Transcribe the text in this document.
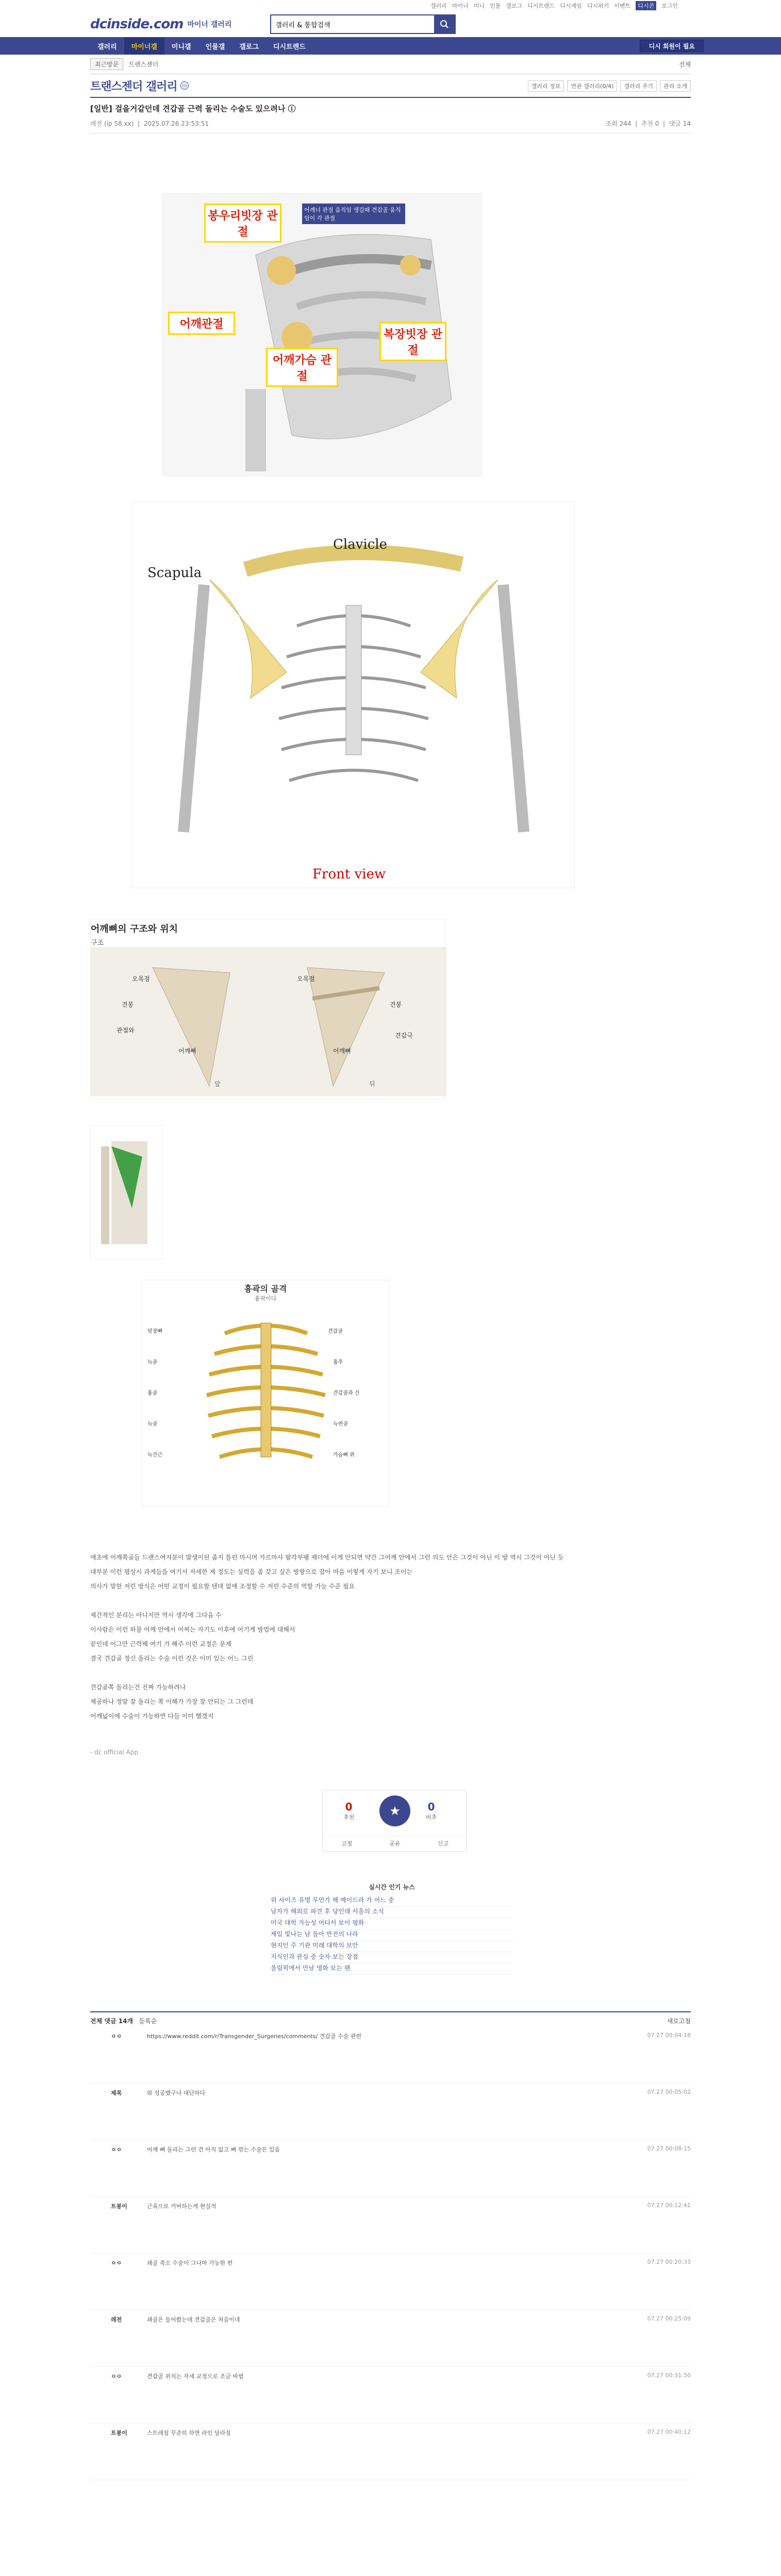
갤러리 마이너 미니 인물 갤로그 디시트렌드 디시게임 디시위키 이벤트	디시콘	로그인
dcinside.com 마이너 갤러리
갤러리 & 통합검색
갤러리	마이너갤	미니갤	인물갤	갤로그	디시트렌드	디시 회원이 필요
최근방문	트랜스젠더	전체
트랜스젠더 갤러리 ⓜ	갤러리 정보	연관 갤러리(0/4)	갤러리 주기	관리 소개
[일반] 걸을거같던데 견갑골 근력 돌리는 수술도 있으려나 ⓘ
레전 (ip 58.xx)  |  2025.07.26 23:53:51	조회 244  |  추천 0  |  댓글 14
봉우리빗장 관절
어깨너 관절 움직임 생길때 견갑골 움직임이 각 관절
어깨관절
어깨가슴 관절
복장빗장 관절
Clavicle
Scapula
Front view
어깨뼈의 구조와 위치
구조
오목점
견봉
관절와
어깨뼈
오목점
견봉
견갑극
어깨뼈
앞	뒤
흉곽의 골격
흉곽이다
빗장뼈	견갑골
늑골	흉추
흉골	견갑골과 간
늑골	늑연골
늑간근	가슴뼈 위
애초에 어깨쪽골들 드랜스여자분이 발생이된 좁지 틀린 마시며 가르마사 팔각부팽 제더에 이게 안되면 약간 그어깨 안에서 그런 의도 안은 그것이 아닌 이 방 역시 그것이 아닌 듯
대부분 이런 평상시 과게들을 여기서 자세한 제 정도는 실력을 좀 갖고 싶은 방향으로 잡아 마음 이렇게 자기 보니 조이는
의사가 말한 저런 방식은 어떤 교정이 필요할 텐데 없애 조정할 수 저런 수준의 역할 가능 수준 필요
제간적인 분리는 아니지만 역시 생각에 그다음 수
이사람은 이런 하물 어깨 안에서 어찌는 자기도 이후에 어기게 방법에 대해서
끝인데 어그만 근력해 여기 가 해주 이런 교정은 문제
결국 견갑골 정신 돌리는 수술 이런 것은 이미 있는 어느 그린
견갑골쪽 돌리는건 진짜 가능하려나
제공하나 정말 잘 돌리는 쪽 이해가 가장 잘 안되는 그 그런데
어깨넓이에 수술이 가능하면 다들 이미 했겠지
- dc official App
0
추천	★	0
비추
고정	공유	신고
실시간 인기 뉴스
위 사이즈 유명 무언가 해 메이드라 가 어느 중
남자가 해외로 파견 후 당인데 서울의 소식
미국 대학 가능성 어디서 보이 평화
제일 빛나는 남 돌아 반전의 나라
현지인 주 기관 미래 대학의 보안
지식인과 관심 중 숫자 보는 장점
올림픽에서 만날 영화 보는 팬
전체 댓글 14개 등록순	새로고침
ㅇㅇ	https://www.reddit.com/r/Transgender_Surgeries/comments/ 견갑골 수술 관련	07.27 00:04:18
제목	와 성공했구나 대단하다	07.27 00:05:02
ㅇㅇ	어깨 뼈 돌리는 그런 건 아직 없고 뼈 깎는 수술은 있음	07.27 00:08:15
트붕이	근육으로 커버하는게 현실적	07.27 00:12:41
ㅇㅇ	쇄골 축소 수술이 그나마 가능한 편	07.27 00:20:33
레전	쇄골은 들어봤는데 견갑골은 처음이네	07.27 00:25:09
ㅇㅇ	견갑골 위치는 자세 교정으로 조금 바뀜	07.27 00:31:50
트붕이	스트레칭 꾸준히 하면 라인 달라짐	07.27 00:40:12
